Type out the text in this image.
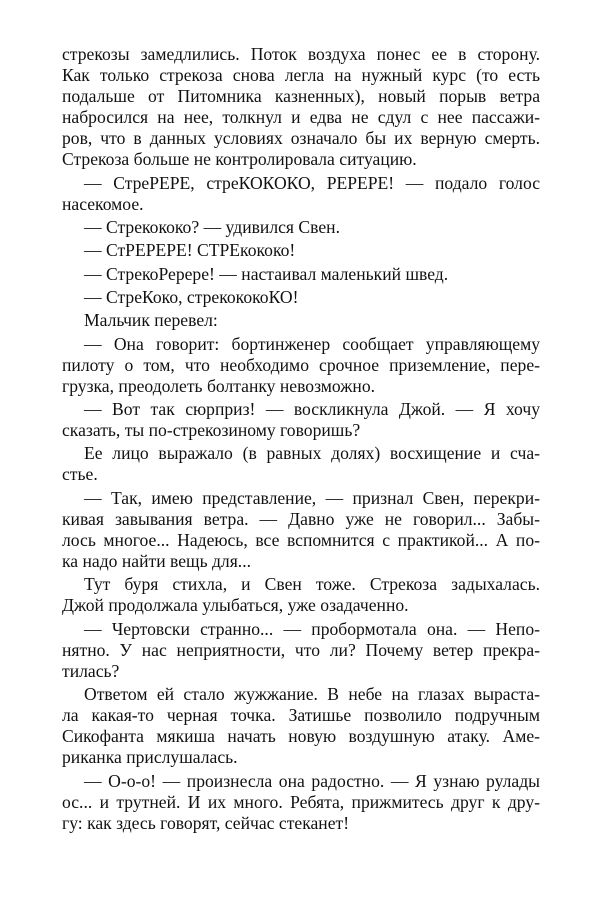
стрекозы замедлились. Поток воздуха понес ее в сторону.
Как только стрекоза снова легла на нужный курс (то есть
подальше от Питомника казненных), новый порыв ветра
набросился на нее, толкнул и едва не сдул с нее пассажи-
ров, что в данных условиях означало бы их верную смерть.
Стрекоза больше не контролировала ситуацию.

— СтреРЕРЕ, стреКОКОКО, РЕРЕРЕ! — подало голос
насекомое.

— Стрекококо? — удивился Свен.

— СтРЕРЕРЕ! СТРЕкококо!

— СтрекоРерере! — настаивал маленький швед.

— СтреКоко, стрекококоКО!

Мальчик перевел:

— Она говорит: бортинженер сообщает управляющему
пилоту о том, что необходимо срочное приземление, пере-
грузка, преодолеть болтанку невозможно.

— Вот так сюрприз! — воскликнула Джой. — Я хочу
сказать, ты по-стрекозиному говоришь?

Ее лицо выражало (в равных долях) восхищение и сча-
стье.

— Так, имею представление, — признал Свен, перекри-
кивая завывания ветра. — Давно уже не говорил... Забы-
лось многое... Надеюсь, все вспомнится с практикой... А по-
ка надо найти вещь для...

Тут буря стихла, и Свен тоже. Стрекоза задыхалась.
Джой продолжала улыбаться, уже озадаченно.

— Чертовски странно... — пробормотала она. — Непо-
нятно. У нас неприятности, что ли? Почему ветер прекра-
тилась?

Ответом ей стало жужжание. В небе на глазах выраста-
ла какая-то черная точка. Затишье позволило подручным
Сикофанта мякиша начать новую воздушную атаку. Аме-
риканка прислушалась.

— О-о-о! — произнесла она радостно. — Я узнаю рулады
ос... и трутней. И их много. Ребята, прижмитесь друг к дру-
гу: как здесь говорят, сейчас стеканет!
